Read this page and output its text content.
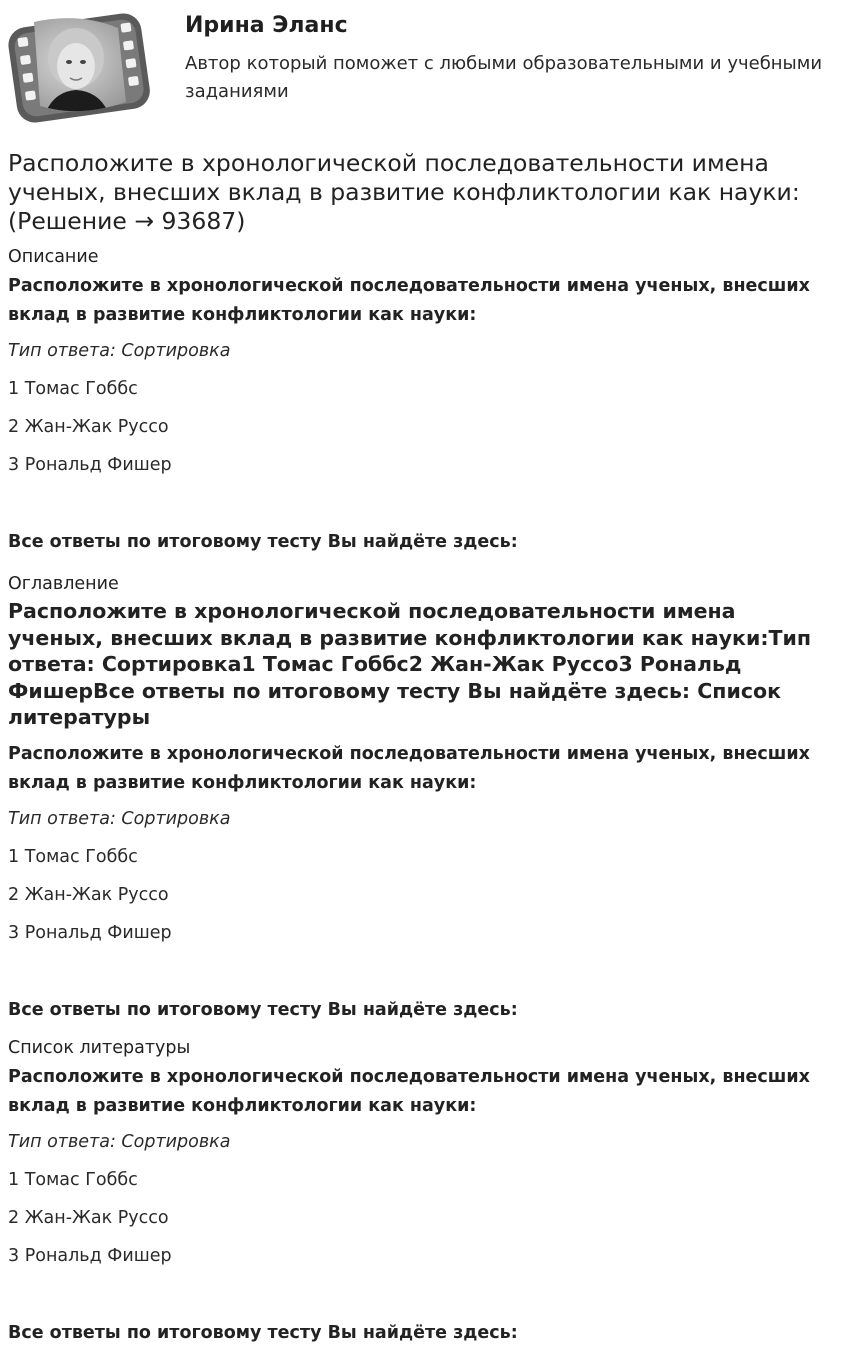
Ирина Эланс
Автор который поможет с любыми образовательными и учебными заданиями
Расположите в хронологической последовательности имена ученых, внесших вклад в развитие конфликтологии как науки: (Решение → 93687)
Описание
Расположите в хронологической последовательности имена ученых, внесших вклад в развитие конфликтологии как науки:
Тип ответа: Сортировка
1 Томас Гоббс
2 Жан-Жак Руссо
3 Рональд Фишер
Все ответы по итоговому тесту Вы найдёте здесь:
Оглавление
Расположите в хронологической последовательности имена ученых, внесших вклад в развитие конфликтологии как науки:Тип ответа: Сортировка1 Томас Гоббс2 Жан-Жак Руссо3 Рональд ФишерВсе ответы по итоговому тесту Вы найдёте здесь: Список литературы
Расположите в хронологической последовательности имена ученых, внесших вклад в развитие конфликтологии как науки:
Тип ответа: Сортировка
1 Томас Гоббс
2 Жан-Жак Руссо
3 Рональд Фишер
Все ответы по итоговому тесту Вы найдёте здесь:
Список литературы
Расположите в хронологической последовательности имена ученых, внесших вклад в развитие конфликтологии как науки:
Тип ответа: Сортировка
1 Томас Гоббс
2 Жан-Жак Руссо
3 Рональд Фишер
Все ответы по итоговому тесту Вы найдёте здесь:
